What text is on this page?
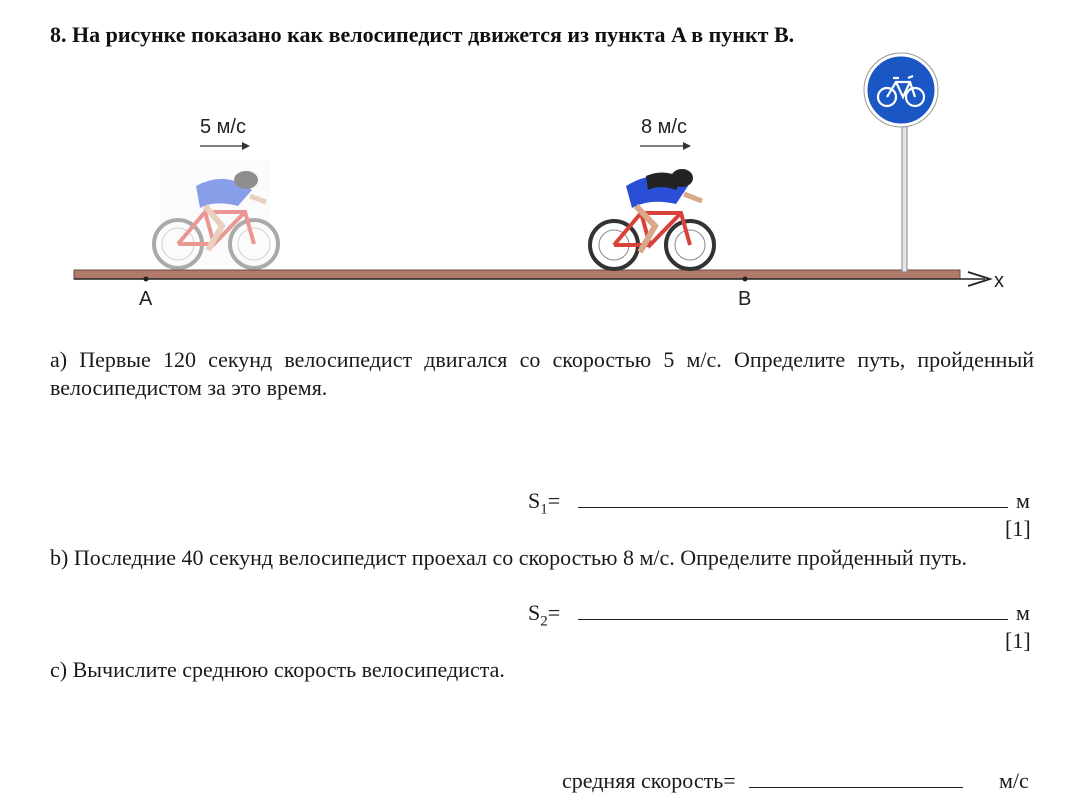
8. На рисунке показано как велосипедист движется из пункта A в пункт B.
5 м/с	8 м/с
A	B
x
a) Первые 120 секунд велосипедист двигался со скоростью 5 м/с. Определите путь, пройденный велосипедистом за это время.
$S_1=$	м
[1]
b) Последние 40 секунд велосипедист проехал со скоростью 8 м/с. Определите пройденный путь.
$S_2=$	м
[1]
c) Вычислите среднюю скорость велосипедиста.
средняя скорость=	м/с
